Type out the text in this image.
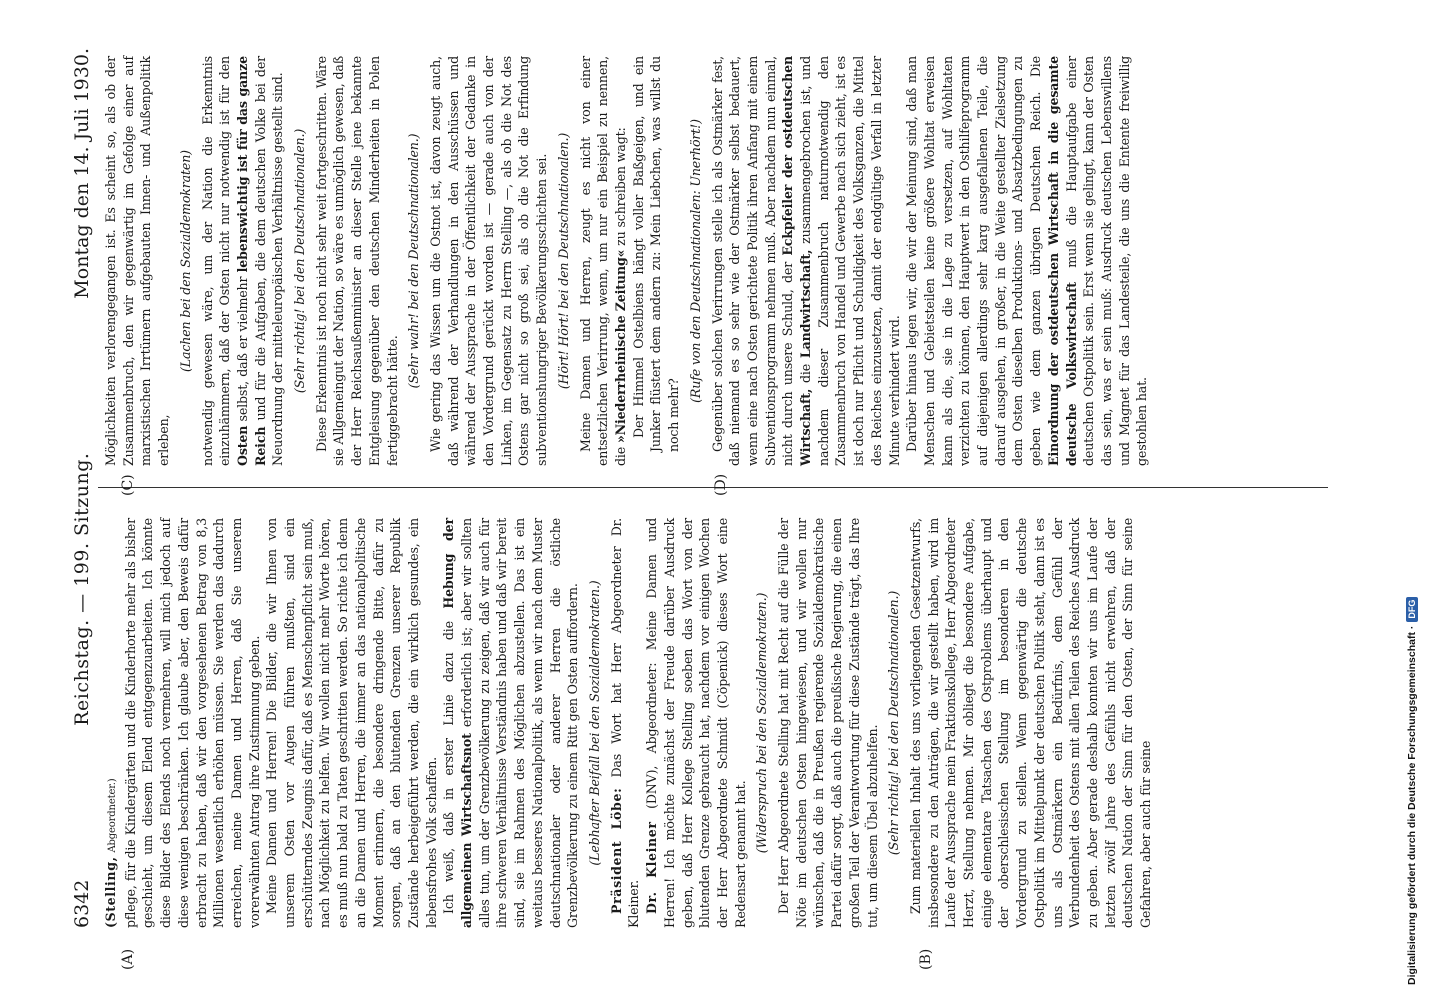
6342
Reichstag. — 199. Sitzung.
Montag den 14. Juli 1930.
(A)	(B)
(C)	(D)

(Stelling, Abgeordneter.) pflege, für die Kindergärten und die Kinderhorte mehr als bisher geschieht, um diesem Elend entgegenzuarbeiten. Ich könnte diese Bilder des Elends noch vermehren, will mich jedoch auf diese wenigen beschränken. Ich glaube aber, den Beweis dafür erbracht zu haben, daß wir den vorgesehenen Betrag von 8,3 Millionen wesentlich erhöhen müssen. Sie werden das dadurch erreichen, meine Damen und Herren, daß Sie unserem vorerwähnten Antrag ihre Zustimmung geben. Meine Damen und Herren! Die Bilder, die wir Ihnen von unserem Osten vor Augen führen mußten, sind ein erschütterndes Zeugnis dafür, daß es Menschenpflicht sein muß, nach Möglichkeit zu helfen. Wir wollen nicht mehr Worte hören, es muß nun bald zu Taten geschritten werden. So richte ich denn an die Damen und Herren, die immer an das nationalpolitische Moment erinnern, die besondere dringende Bitte, dafür zu sorgen, daß an den blutenden Grenzen unserer Republik Zustände herbeigeführt werden, die ein wirklich gesundes, ein lebensfrohes Volk schaffen. Ich weiß, daß in erster Linie dazu die Hebung der allgemeinen Wirtschaftsnot erforderlich ist; aber wir sollten alles tun, um der Grenzbevölkerung zu zeigen, daß wir auch für ihre schweren Verhältnisse Verständnis haben und daß wir bereit sind, sie im Rahmen des Möglichen abzustellen. Das ist ein weitaus besseres Nationalpolitik, als wenn wir nach dem Muster deutschnationaler oder anderer Herren die östliche Grenzbevölkerung zu einem Ritt gen Osten auffordern. (Lebhafter Beifall bei den Sozialdemokraten.) Präsident Löbe: Das Wort hat Herr Abgeordneter Dr. Kleiner. Dr. Kleiner (DNV), Abgeordneter: Meine Damen und Herren! Ich möchte zunächst der Freude darüber Ausdruck geben, daß Herr Kollege Stelling soeben das Wort von der blutenden Grenze gebraucht hat, nachdem vor einigen Wochen der Herr Abgeordnete Schmidt (Cöpenick) dieses Wort eine Redensart genannt hat.

(Widerspruch bei den Sozialdemokraten.) Der Herr Abgeordnete Stelling hat mit Recht auf die Fülle der Nöte im deutschen Osten hingewiesen, und wir wollen nur wünschen, daß die in Preußen regierende Sozialdemokratische Partei dafür sorgt, daß auch die preußische Regierung, die einen großen Teil der Verantwortung für diese Zustände trägt, das Ihre tut, um diesem Übel abzuhelfen. (Sehr richtig! bei den Deutschnationalen.) Zum materiellen Inhalt des uns vorliegenden Gesetzentwurfs, insbesondere zu den Anträgen, die wir gestellt haben, wird im Laufe der Aussprache mein Fraktionskollege, Herr Abgeordneter Herzt, Stellung nehmen. Mir obliegt die besondere Aufgabe, einige elementare Tatsachen des Ostproblems überhaupt und der oberschlesischen Stellung im besonderen in den Vordergrund zu stellen. Wenn gegenwärtig die deutsche Ostpolitik im Mittelpunkt der deutschen Politik steht, dann ist es uns als Ostmärkern ein Bedürfnis, dem Gefühl der Verbundenheit des Ostens mit allen Teilen des Reiches Ausdruck zu geben. Aber gerade deshalb konnten wir uns im Laufe der letzten zwölf Jahre des Gefühls nicht erwehren, daß der deutschen Nation der Sinn für den Osten, der Sinn für seine Gefahren, aber auch für seine

Möglichkeiten verlorengegangen ist. Es scheint so, als ob der Zusammenbruch, den wir gegenwärtig im Gefolge einer auf marxistischen Irrtümern aufgebauten Innen- und Außenpolitik erleben,

(Lachen bei den Sozialdemokraten) notwendig gewesen wäre, um der Nation die Erkenntnis einzuhämmern, daß der Osten nicht nur notwendig ist für den Osten selbst, daß er vielmehr lebenswichtig ist für das ganze Reich und für die Aufgaben, die dem deutschen Volke bei der Neuordnung der mitteleuropäischen Verhältnisse gestellt sind. (Sehr richtig! bei den Deutschnationalen.) Diese Erkenntnis ist noch nicht sehr weit fortgeschritten. Wäre sie Allgemeingut der Nation, so wäre es unmöglich gewesen, daß der Herr Reichsaußenminister an dieser Stelle jene bekannte Entgleisung gegenüber den deutschen Minderheiten in Polen fertiggebracht hätte.

(Sehr wahr! bei den Deutschnationalen.) Wie gering das Wissen um die Ostnot ist, davon zeugt auch, daß während der Verhandlungen in den Ausschüssen und während der Aussprache in der Öffentlichkeit der Gedanke in den Vordergrund gerückt worden ist — gerade auch von der Linken, im Gegensatz zu Herrn Stelling —, als ob die Not des Ostens gar nicht so groß sei, als ob die Not die Erfindung subventionshungriger Bevölkerungsschichten sei. (Hört! Hört! bei den Deutschnationalen.) Meine Damen und Herren, zeugt es nicht von einer entsetzlichen Verirrung, wenn, um nur ein Beispiel zu nennen, die »Niederrheinische Zeitung« zu schreiben wagt: Der Himmel Ostelbiens hängt voller Baßgeigen, und ein Junker flüstert dem andern zu: Mein Liebchen, was willst du noch mehr?

(Rufe von den Deutschnationalen: Unerhört!) Gegenüber solchen Verirrungen stelle ich als Ostmärker fest, daß niemand es so sehr wie der Ostmärker selbst bedauert, wenn eine nach Osten gerichtete Politik ihren Anfang mit einem Subventionsprogramm nehmen muß. Aber nachdem nun einmal, nicht durch unsere Schuld, der Eckpfeiler der ostdeutschen Wirtschaft, die Landwirtschaft, zusammengebrochen ist, und nachdem dieser Zusammenbruch naturnotwendig den Zusammenbruch von Handel und Gewerbe nach sich zieht, ist es ist doch nur Pflicht und Schuldigkeit des Volksganzen, die Mittel des Reiches einzusetzen, damit der endgültige Verfall in letzter Minute verhindert wird. Darüber hinaus legen wir, die wir der Meinung sind, daß man Menschen und Gebietsteilen keine größere Wohltat erweisen kann als die, sie in die Lage zu versetzen, auf Wohltaten verzichten zu können, den Hauptwert in den Osthilfeprogramm auf diejenigen allerdings sehr karg ausgefallenen Teile, die darauf ausgehen, in großer, in die Weite gestellter Zielsetzung dem Osten dieselben Produktions- und Absatzbedingungen zu geben wie dem ganzen übrigen Deutschen Reich. Die Einordnung der ostdeutschen Wirtschaft in die gesamte deutsche Volkswirtschaft muß die Hauptaufgabe einer deutschen Ostpolitik sein. Erst wenn sie gelingt, kann der Osten das sein, was er sein muß: Ausdruck deutschen Lebenswillens und Magnet für das Landesteile, die uns die Entente freiwillig gestohlen hat.

Digitalisierung gefördert durch die Deutsche Forschungsgemeinschaft ·
DFG
